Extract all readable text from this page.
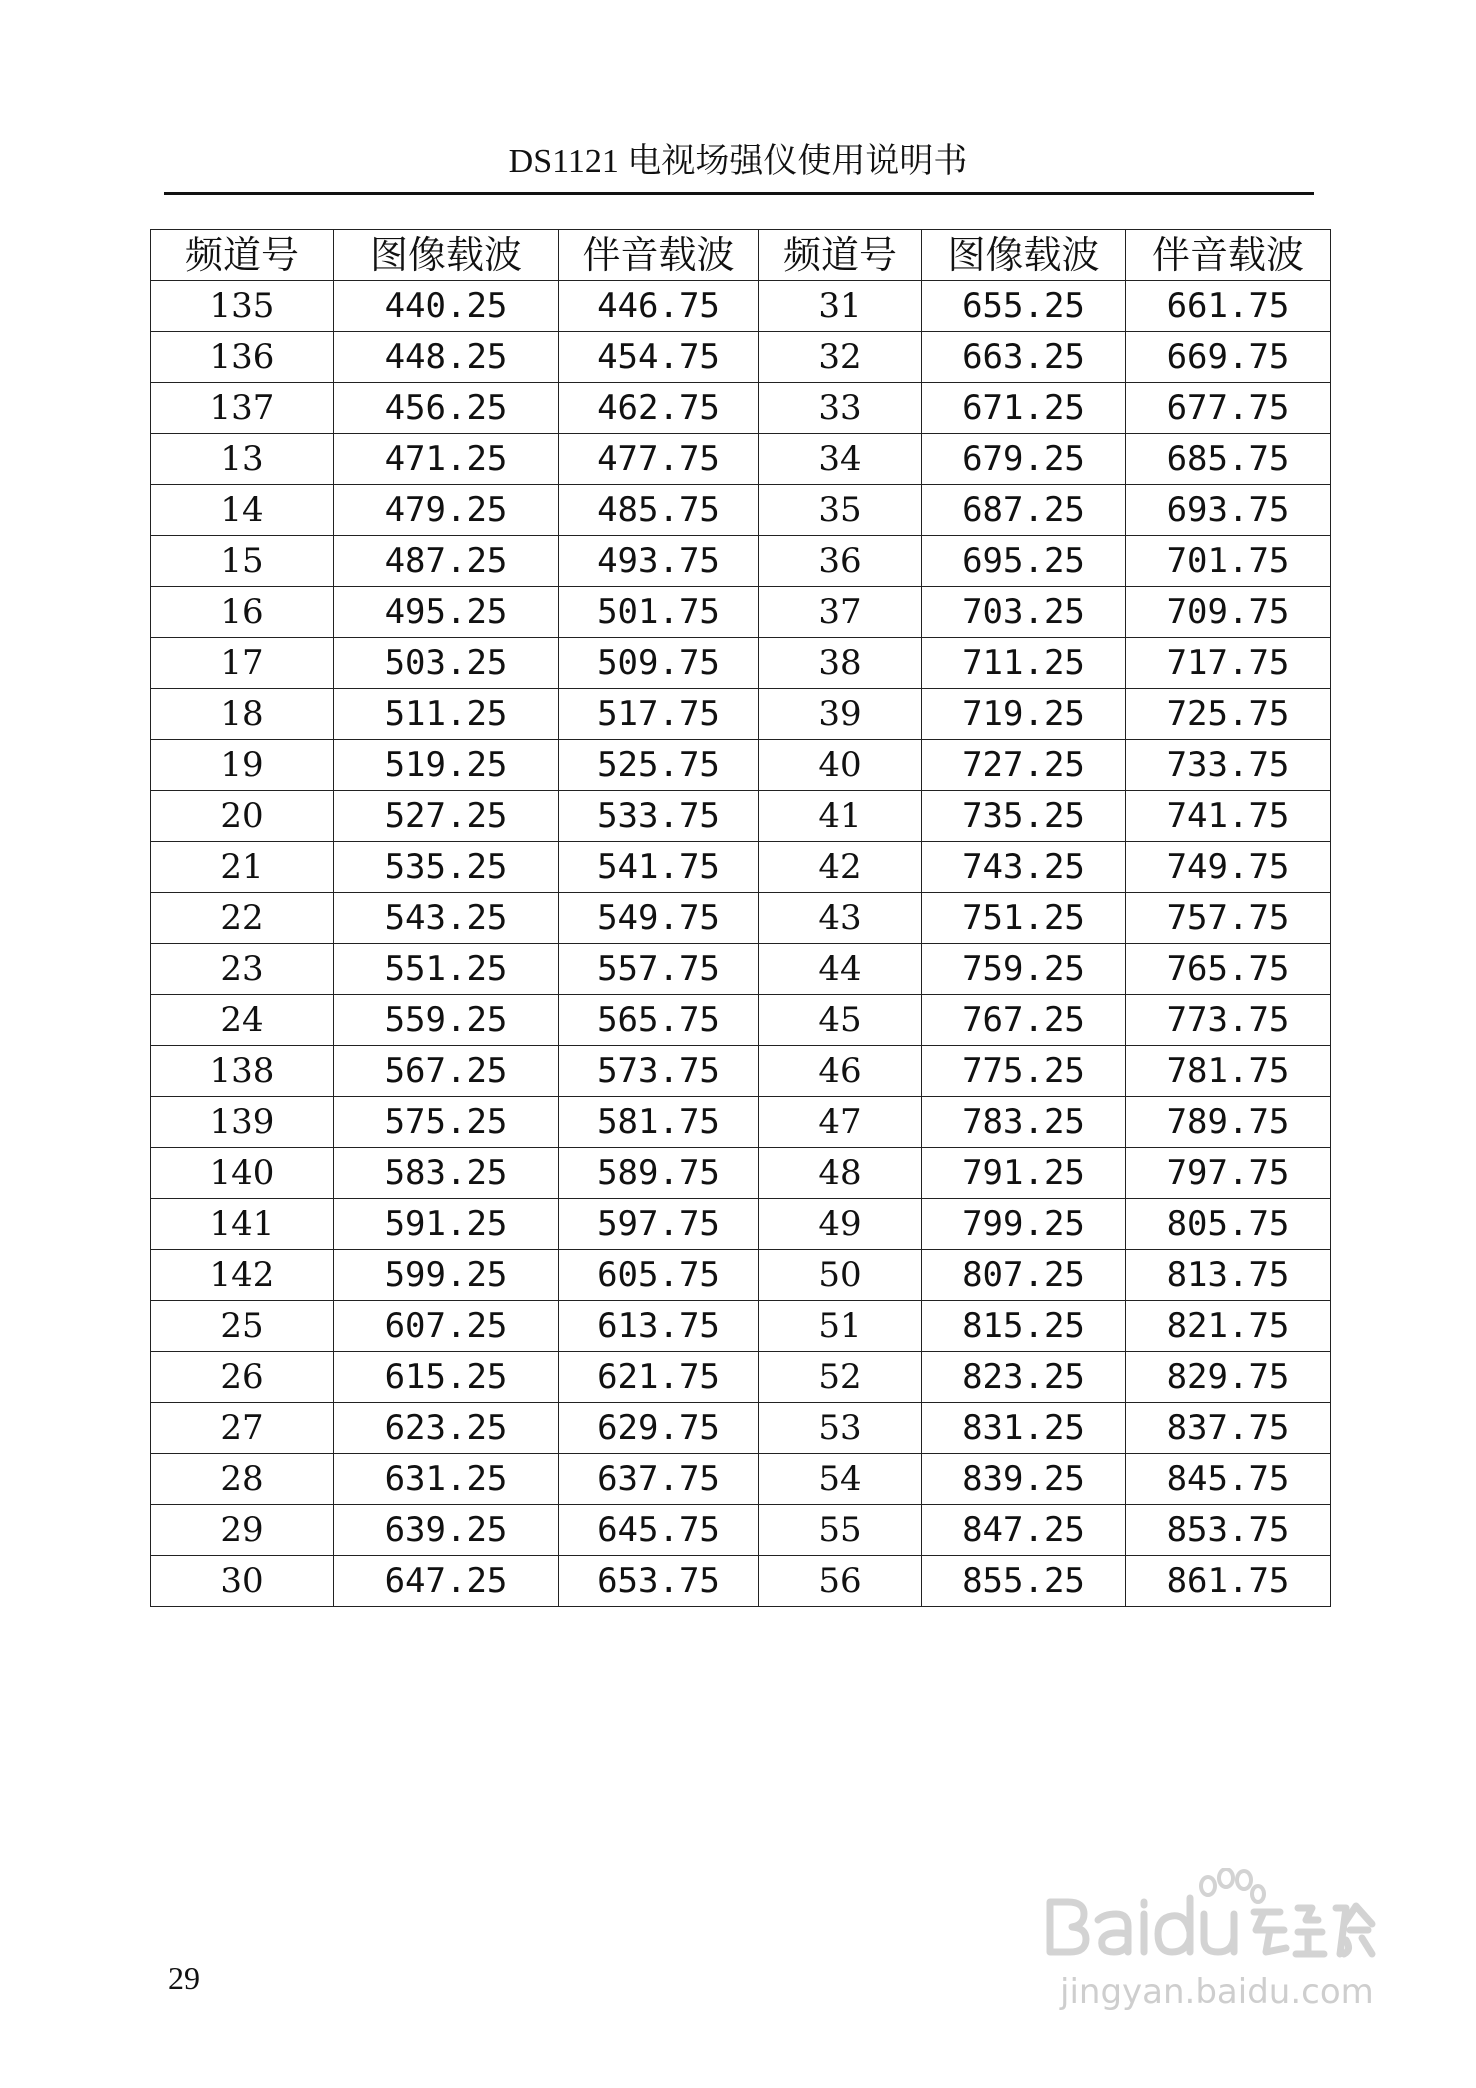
DS1121 电视场强仪使用说明书
频道号	图像载波	伴音载波	频道号	图像载波	伴音载波
135	440.25	446.75	31	655.25	661.75
136	448.25	454.75	32	663.25	669.75
137	456.25	462.75	33	671.25	677.75
13	471.25	477.75	34	679.25	685.75
14	479.25	485.75	35	687.25	693.75
15	487.25	493.75	36	695.25	701.75
16	495.25	501.75	37	703.25	709.75
17	503.25	509.75	38	711.25	717.75
18	511.25	517.75	39	719.25	725.75
19	519.25	525.75	40	727.25	733.75
20	527.25	533.75	41	735.25	741.75
21	535.25	541.75	42	743.25	749.75
22	543.25	549.75	43	751.25	757.75
23	551.25	557.75	44	759.25	765.75
24	559.25	565.75	45	767.25	773.75
138	567.25	573.75	46	775.25	781.75
139	575.25	581.75	47	783.25	789.75
140	583.25	589.75	48	791.25	797.75
141	591.25	597.75	49	799.25	805.75
142	599.25	605.75	50	807.25	813.75
25	607.25	613.75	51	815.25	821.75
26	615.25	621.75	52	823.25	829.75
27	623.25	629.75	53	831.25	837.75
28	631.25	637.75	54	839.25	845.75
29	639.25	645.75	55	847.25	853.75
30	647.25	653.75	56	855.25	861.75
29	jingyan.baidu.com
